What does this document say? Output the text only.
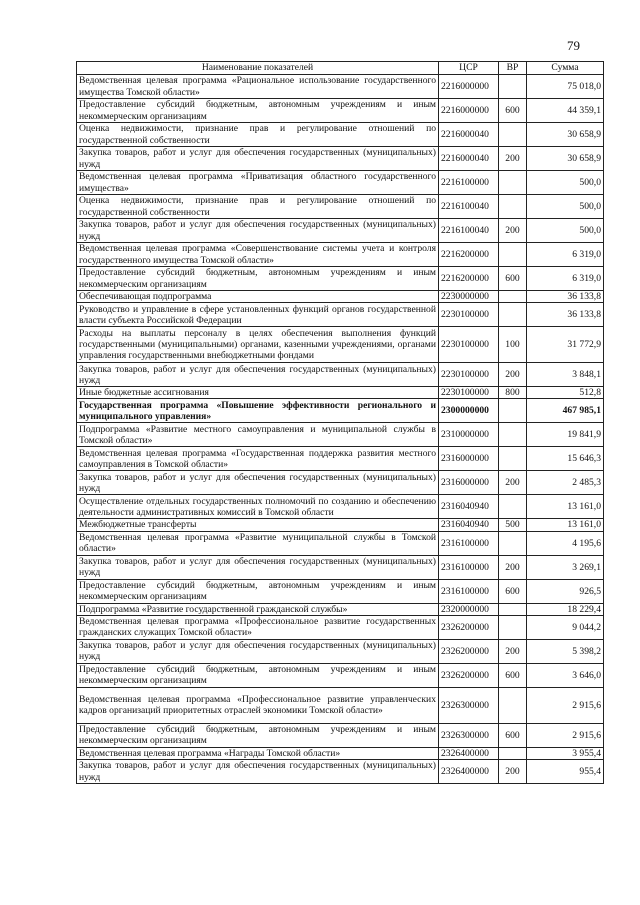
79
Наименование показателей	ЦСР	ВР	Сумма
Ведомственная целевая программа «Рациональное использование государственного имущества Томской области»	2216000000		75 018,0
Предоставление субсидий бюджетным, автономным учреждениям и иным некоммерческим организациям	2216000000	600	44 359,1
Оценка недвижимости, признание прав и регулирование отношений по государственной собственности	2216000040		30 658,9
Закупка товаров, работ и услуг для обеспечения государственных (муниципальных) нужд	2216000040	200	30 658,9
Ведомственная целевая программа «Приватизация областного государственного имущества»	2216100000		500,0
Оценка недвижимости, признание прав и регулирование отношений по государственной собственности	2216100040		500,0
Закупка товаров, работ и услуг для обеспечения государственных (муниципальных) нужд	2216100040	200	500,0
Ведомственная целевая программа «Совершенствование системы учета и контроля государственного имущества Томской области»	2216200000		6 319,0
Предоставление субсидий бюджетным, автономным учреждениям и иным некоммерческим организациям	2216200000	600	6 319,0
Обеспечивающая подпрограмма	2230000000		36 133,8
Руководство и управление в сфере установленных функций органов государственной власти субъекта Российской Федерации	2230100000		36 133,8
Расходы на выплаты персоналу в целях обеспечения выполнения функций государственными (муниципальными) органами, казенными учреждениями, органами управления государственными внебюджетными фондами	2230100000	100	31 772,9
Закупка товаров, работ и услуг для обеспечения государственных (муниципальных) нужд	2230100000	200	3 848,1
Иные бюджетные ассигнования	2230100000	800	512,8
Государственная программа «Повышение эффективности регионального и муниципального управления»	2300000000		467 985,1
Подпрограмма «Развитие местного самоуправления и муниципальной службы в Томской области»	2310000000		19 841,9
Ведомственная целевая программа «Государственная поддержка развития местного самоуправления в Томской области»	2316000000		15 646,3
Закупка товаров, работ и услуг для обеспечения государственных (муниципальных) нужд	2316000000	200	2 485,3
Осуществление отдельных государственных полномочий по созданию и обеспечению деятельности административных комиссий в Томской области	2316040940		13 161,0
Межбюджетные трансферты	2316040940	500	13 161,0
Ведомственная целевая программа «Развитие муниципальной службы в Томской области»	2316100000		4 195,6
Закупка товаров, работ и услуг для обеспечения государственных (муниципальных) нужд	2316100000	200	3 269,1
Предоставление субсидий бюджетным, автономным учреждениям и иным некоммерческим организациям	2316100000	600	926,5
Подпрограмма «Развитие государственной гражданской службы»	2320000000		18 229,4
Ведомственная целевая программа «Профессиональное развитие государственных гражданских служащих Томской области»	2326200000		9 044,2
Закупка товаров, работ и услуг для обеспечения государственных (муниципальных) нужд	2326200000	200	5 398,2
Предоставление субсидий бюджетным, автономным учреждениям и иным некоммерческим организациям	2326200000	600	3 646,0
Ведомственная целевая программа «Профессиональное развитие управленческих кадров организаций приоритетных отраслей экономики Томской области»	2326300000		2 915,6
Предоставление субсидий бюджетным, автономным учреждениям и иным некоммерческим организациям	2326300000	600	2 915,6
Ведомственная целевая программа «Награды Томской области»	2326400000		3 955,4
Закупка товаров, работ и услуг для обеспечения государственных (муниципальных) нужд	2326400000	200	955,4
